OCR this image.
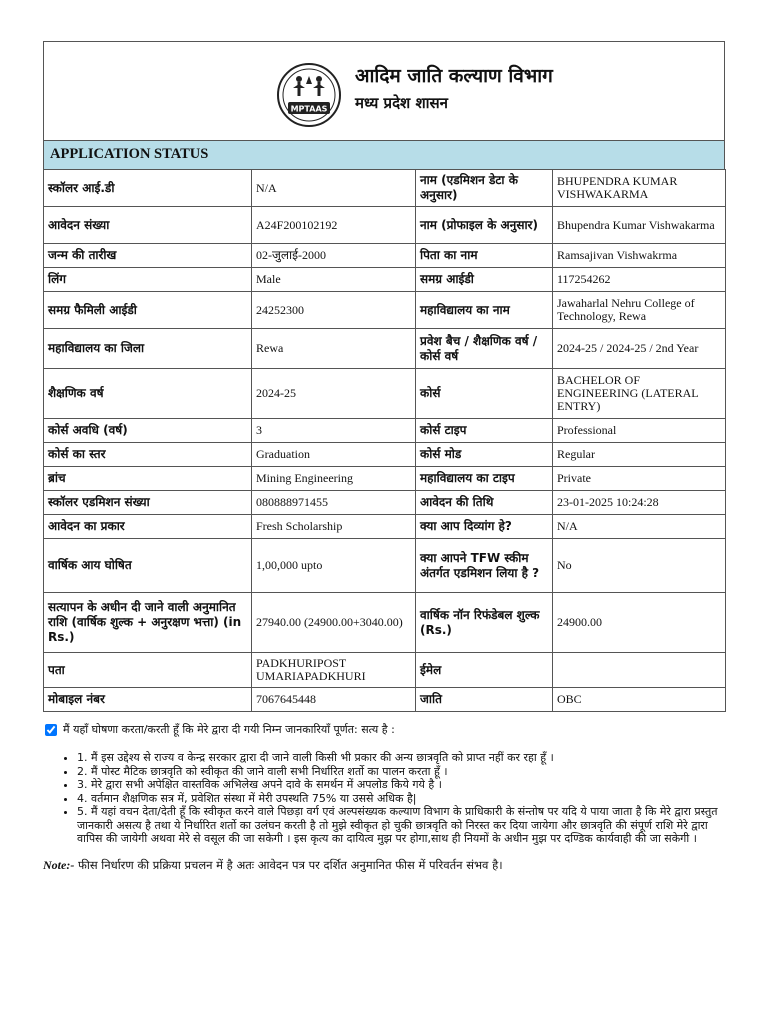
MPTAAS
आदिम जाति कल्याण विभाग
मध्य प्रदेश शासन
APPLICATION STATUS
स्कॉलर आई.डी	N/A	नाम (एडमिशन डेटा के अनुसार)	BHUPENDRA KUMAR VISHWAKARMA
आवेदन संख्या	A24F200102192	नाम (प्रोफाइल के अनुसार)	Bhupendra Kumar Vishwakarma
जन्म की तारीख	02-जुलाई-2000	पिता का नाम	Ramsajivan Vishwakrma
लिंग	Male	समग्र आईडी	117254262
समग्र फैमिली आईडी	24252300	महाविद्यालय का नाम	Jawaharlal Nehru College of Technology, Rewa
महाविद्यालय का जिला	Rewa	प्रवेश बैच / शैक्षणिक वर्ष / कोर्स वर्ष	2024-25 / 2024-25 / 2nd Year
शैक्षणिक वर्ष	2024-25	कोर्स	BACHELOR OF ENGINEERING (LATERAL ENTRY)
कोर्स अवधि (वर्ष)	3	कोर्स टाइप	Professional
कोर्स का स्तर	Graduation	कोर्स मोड	Regular
ब्रांच	Mining Engineering	महाविद्यालय का टाइप	Private
स्कॉलर एडमिशन संख्या	080888971455	आवेदन की तिथि	23-01-2025 10:24:28
आवेदन का प्रकार	Fresh Scholarship	क्या आप दिव्यांग हे?	N/A
वार्षिक आय घोषित	1,00,000 upto	क्या आपने TFW स्कीम अंतर्गत एडमिशन लिया है ?	No
सत्यापन के अधीन दी जाने वाली अनुमानित राशि (वार्षिक शुल्क + अनुरक्षण भत्ता) (in Rs.)	27940.00 (24900.00+3040.00)	वार्षिक नॉन रिफंडेबल शुल्क (Rs.)	24900.00
पता	PADKHURIPOST UMARIAPADKHURI	ईमेल	
मोबाइल नंबर	7067645448	जाति	OBC
मैं यहाँ घोषणा करता/करती हूँ कि मेरे द्वारा दी गयी निम्न जानकारियाँ पूर्णत: सत्य है :
• 1. मैं इस उद्देश्य से राज्य व केन्द्र सरकार द्वारा दी जाने वाली किसी भी प्रकार की अन्य छात्रवृति को प्राप्त नहीं कर रहा हूँ ।
• 2. मैं पोस्ट मैटिक छात्रवृति को स्वीकृत की जाने वाली सभी निर्धारित शर्तो का पालन करता हूँ ।
• 3. मेरे द्वारा सभी अपेक्षित वास्तविक अभिलेख अपने दावे के समर्थन में अपलोड किये गये है ।
• 4. वर्तमान शैक्षणिक सत्र में, प्रवेशित संस्था में मेरी उपस्थति 75% या उससे अधिक है|
• 5. मैं यहां वचन देता/देती हूँ कि स्वीकृत करने वाले पिछड़ा वर्ग एवं अल्पसंख्यक कल्याण विभाग के प्राधिकारी के संन्तोष पर यदि ये पाया जाता है कि मेरे द्वारा प्रस्तुत जानकारी असत्य है तथा ये निर्धारित शर्तो का उलंघन करती है तो मुझे स्वीकृत हो चुकी छात्रवृति को निरस्त कर दिया जायेगा और छात्रवृति की संपूर्ण राशि मेरे द्वारा वापिस की जायेगी अथवा मेरे से वसूल की जा सकेगी । इस कृत्य का दायित्व मुझ पर होगा,साथ ही नियमों के अधीन मुझ पर दण्डिक कार्यवाही की जा सकेगी ।
Note:- फीस निर्धारण की प्रक्रिया प्रचलन में है अतः आवेदन पत्र पर दर्शित अनुमानित फीस में परिवर्तन संभव है।
